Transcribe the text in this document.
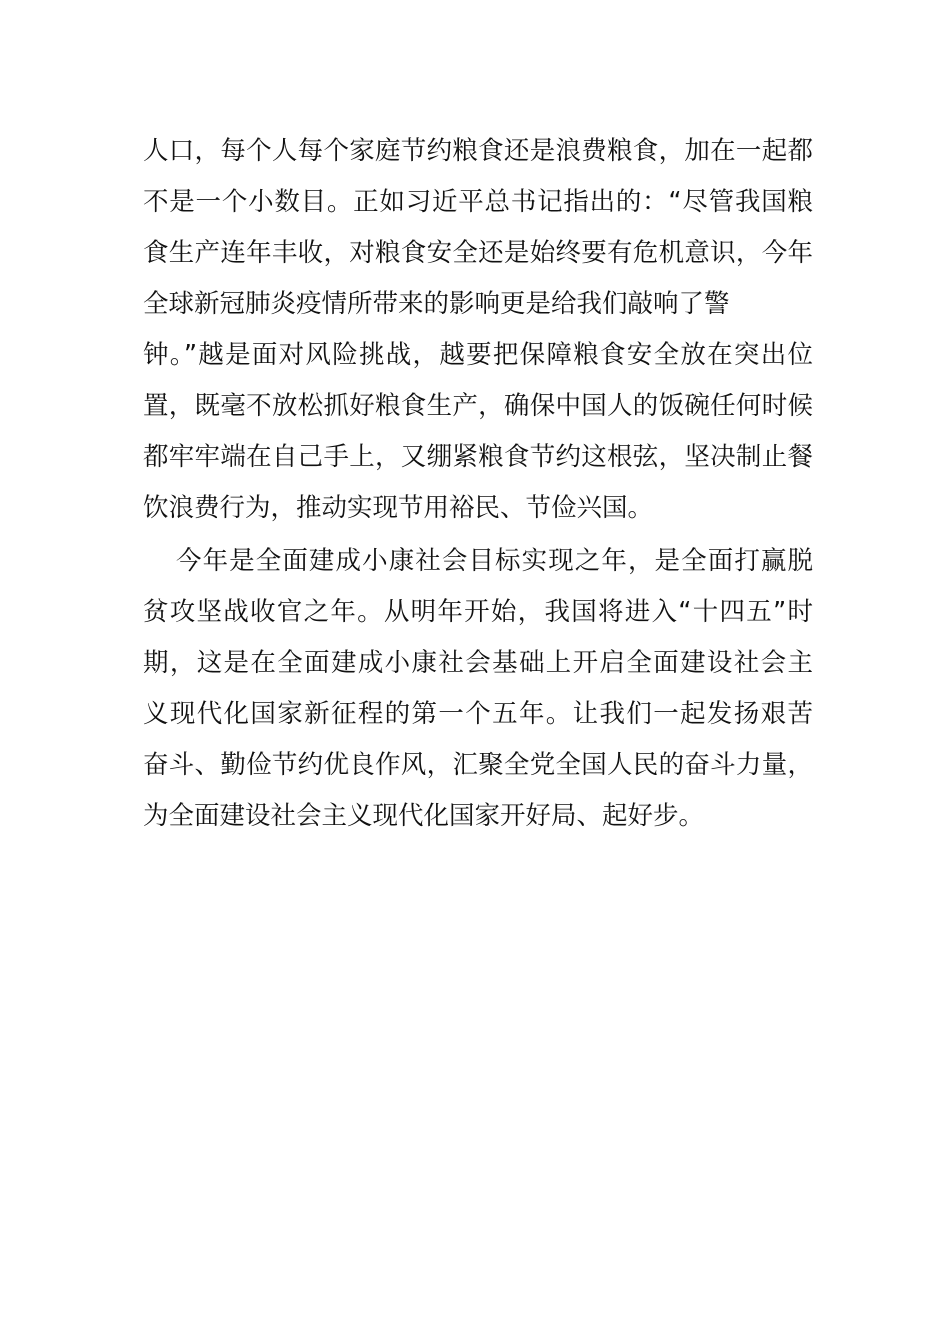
人口，每个人每个家庭节约粮食还是浪费粮食，加在一起都
不是一个小数目。正如习近平总书记指出的：“尽管我国粮
食生产连年丰收，对粮食安全还是始终要有危机意识，今年
全球新冠肺炎疫情所带来的影响更是给我们敲响了警
钟。”越是面对风险挑战，越要把保障粮食安全放在突出位
置，既毫不放松抓好粮食生产，确保中国人的饭碗任何时候
都牢牢端在自己手上，又绷紧粮食节约这根弦，坚决制止餐
饮浪费行为，推动实现节用裕民、节俭兴国。
今年是全面建成小康社会目标实现之年，是全面打赢脱
贫攻坚战收官之年。从明年开始，我国将进入“十四五”时
期，这是在全面建成小康社会基础上开启全面建设社会主
义现代化国家新征程的第一个五年。让我们一起发扬艰苦
奋斗、勤俭节约优良作风，汇聚全党全国人民的奋斗力量，
为全面建设社会主义现代化国家开好局、起好步。
